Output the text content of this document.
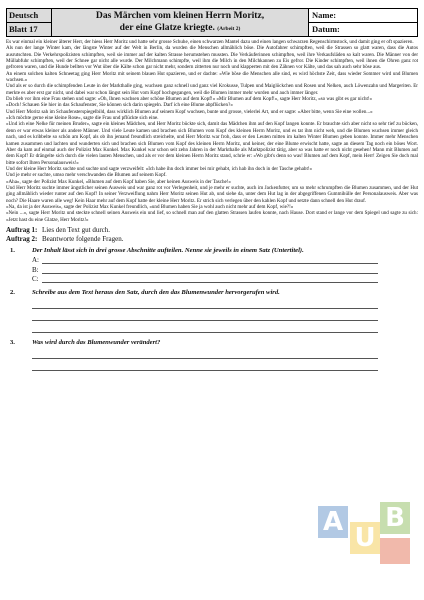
Deutsch
Blatt 17
Das Märchen vom kleinen Herrn Moritz,
der eine Glatze kriegte. (Arbeit 2)
Name:
Datum:

Es war einmal ein kleiner älterer Herr, der hiess Herr Moritz und hatte sehr grosse Schuhe, einen schwarzen Mantel dazu und einen langen schwarzen Regenschirmstock, und damit ging er oft spazieren.

Als nun der lange Winter kam, der längste Winter auf der Welt in Berlin, da wurden die Menschen allmählich böse. Die Autofahrer schimpften, weil die Strassen so glatt waren, dass die Autos ausrutschten. Die Verkehrspolizisten schimpften, weil sie immer auf der kalten Strasse herumstehen mussten. Die Verkäuferinnen schimpften, weil ihre Verkaufsläden so kalt waren. Die Männer von der Müllabfuhr schimpften, weil der Schnee gar nicht alle wurde. Der Milchmann schimpfte, weil ihm die Milch in den Milchkannen zu Eis gefror. Die Kinder schimpften, weil ihnen die Ohren ganz rot gefroren waren, und die Hunde bellten vor Wut über die Kälte schon gar nicht mehr, sondern zitterten nur noch und klapperten mit den Zähnen vor Kälte, und das sah auch sehr böse aus.

An einem solchen kalten Schneetag ging Herr Moritz mit seinem blauen Hut spazieren, und er dachte: «Wie böse die Menschen alle sind, es wird höchste Zeit, dass wieder Sommer wird und Blumen wachsen.»

Und als er so durch die schimpfenden Leute in der Markthalle ging, wuchsen ganz schnell und ganz viel Krokusse, Tulpen und Maiglöckchen und Rosen und Nelken, auch Löwenzahn und Margeriten. Er merkte es aber erst gar nicht, und dabei war schon längst sein Hut vom Kopf hochgegangen, weil die Blumen immer mehr wurden und auch immer länger.

Da blieb vor ihm eine Frau stehen und sagte: «Oh, Ihnen wachsen aber schöne Blumen auf dem Kopf!» «Mir Blumen auf dem Kopf!», sagte Herr Moritz, «so was gibt es gar nicht!»

«Doch! Schauen Sie hier in das Schaufenster, Sie können sich darin spiegeln. Darf ich eine Blume abpflücken?»

Und Herr Moritz sah im Schaufensterspiegelbild, dass wirklich Blumen auf seinem Kopf wuchsen, bunte und grosse, vielerlei Art, und er sagte: «Aber bitte, wenn Sie eine wollen...»

«Ich möchte gerne eine kleine Rose», sagte die Frau und pflückte sich eine.

«Und ich eine Nelke für meinen Bruder», sagte ein kleines Mädchen, und Herr Moritz bückte sich, damit das Mädchen ihm auf den Kopf langen konnte. Er brauchte sich aber nicht so sehr tief zu bücken, denn er war etwas kleiner als andere Männer. Und viele Leute kamen und brachen sich Blumen vom Kopf des kleinen Herrn Moritz, und es tat ihm nicht weh, und die Blumen wuchsen immer gleich nach, und es kribbelte so schön am Kopf, als ob ihn jemand freundlich streichelte, und Herr Moritz war froh, dass er den Leuten mitten im kalten Winter Blumen geben konnte. Immer mehr Menschen kamen zusammen und lachten und wunderten sich und brachen sich Blumen vom Kopf des kleinen Herrn Moritz, und keiner, der eine Blume erwischt hatte, sagte an diesem Tag noch ein böses Wort. Aber da kam auf einmal auch der Polizist Max Kunkel. Max Kunkel war schon seit zehn Jahren in der Markthalle als Marktpolizist tätig, aber so was hatte er noch nicht gesehen! Mann mit Blumen auf dem Kopf! Er drängelte sich durch die vielen lauten Menschen, und als er vor dem kleinen Herrn Moritz stand, schrie er: «Wo gibt's denn so was! Blumen auf dem Kopf, mein Herr! Zeigen Sie doch mal bitte sofort Ihren Personalausweis!»

Und der kleine Herr Moritz suchte und suchte und sagte verzweifelt: «Ich habe ihn doch immer bei mir gehabt, ich hab ihn doch in der Tasche gehabt!»

Und je mehr er suchte, umso mehr verschwanden die Blumen auf seinem Kopf.

«Aha», sagte der Polizist Max Kunkel, «Blumen auf dem Kopf haben Sie, aber keinen Ausweis in der Tasche!»

Und Herr Moritz suchte immer ängstlicher seinen Ausweis und war ganz rot vor Verlegenheit, und je mehr er suchte, auch im Jackenfutter, um so mehr schrumpften die Blumen zusammen, und der Hut ging allmählich wieder runter auf den Kopf! In seiner Verzweiflung nahm Herr Moritz seinen Hut ab, und siehe da, unter dem Hut lag in der abgegriffenen Gummihülle der Personalausweis. Aber was noch? Die Haare waren alle weg! Kein Haar mehr auf dem Kopf hatte der kleine Herr Moritz. Er strich sich verlegen über den kahlen Kopf und setzte dann schnell den Hut drauf.

«Na, da ist ja der Ausweis», sagte der Polizist Max Kunkel freundlich, «und Blumen haben Sie ja wohl auch nicht mehr auf dem Kopf, wie?!»

«Nein ...», sagte Herr Moritz und steckte schnell seinen Ausweis ein und lief, so schnell man auf den glatten Strassen laufen konnte, nach Hause. Dort stand er lange vor dem Spiegel und sagte zu sich: «Jetzt hast du eine Glatze, Herr Moritz!»

Auftrag 1: Lies den Text gut durch.
Auftrag 2: Beantworte folgende Fragen.
1.	Der Inhalt lässt sich in drei grosse Abschnitte aufteilen. Nenne sie jeweils in einem Satz (Untertitel).
A:
B:
C:
2.	Schreibe aus dem Text heraus den Satz, durch den das Blumenwunder hervorgerufen wird.
3.	Was wird durch das Blumenwunder verändert?
A
U
B
